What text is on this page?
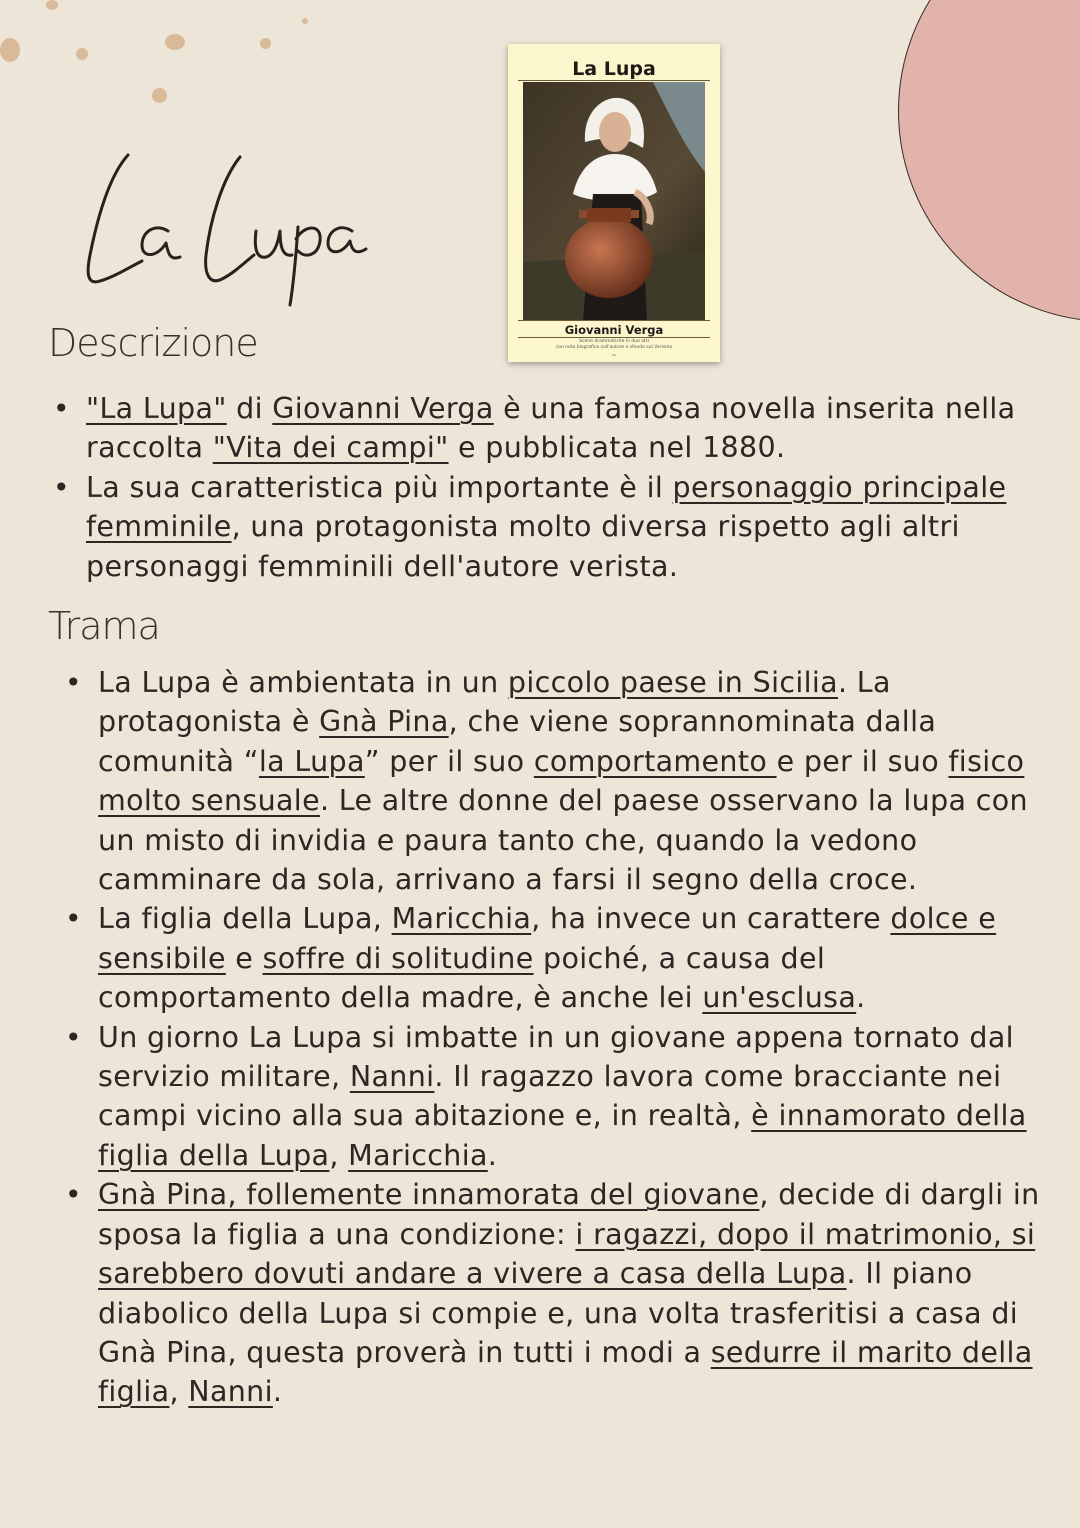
La Lupa
Giovanni Verga
Scene drammatiche in due atti
con nota biografica sull'autore e sfondo sul Verismo
~
Descrizione
• "La Lupa" di Giovanni Verga è una famosa novella inserita nella raccolta "Vita dei campi" e pubblicata nel 1880.
• La sua caratteristica più importante è il personaggio principale femminile, una protagonista molto diversa rispetto agli altri personaggi femminili dell'autore verista.
Trama
• La Lupa è ambientata in un piccolo paese in Sicilia. La protagonista è Gnà Pina, che viene soprannominata dalla comunità “la Lupa” per il suo comportamento e per il suo fisico molto sensuale. Le altre donne del paese osservano la lupa con un misto di invidia e paura tanto che, quando la vedono camminare da sola, arrivano a farsi il segno della croce.
• La figlia della Lupa, Maricchia, ha invece un carattere dolce e sensibile e soffre di solitudine poiché, a causa del comportamento della madre, è anche lei un'esclusa.
• Un giorno La Lupa si imbatte in un giovane appena tornato dal servizio militare, Nanni. Il ragazzo lavora come bracciante nei campi vicino alla sua abitazione e, in realtà, è innamorato della figlia della Lupa, Maricchia.
• Gnà Pina, follemente innamorata del giovane, decide di dargli in sposa la figlia a una condizione: i ragazzi, dopo il matrimonio, si sarebbero dovuti andare a vivere a casa della Lupa. Il piano diabolico della Lupa si compie e, una volta trasferitisi a casa di Gnà Pina, questa proverà in tutti i modi a sedurre il marito della figlia, Nanni.
